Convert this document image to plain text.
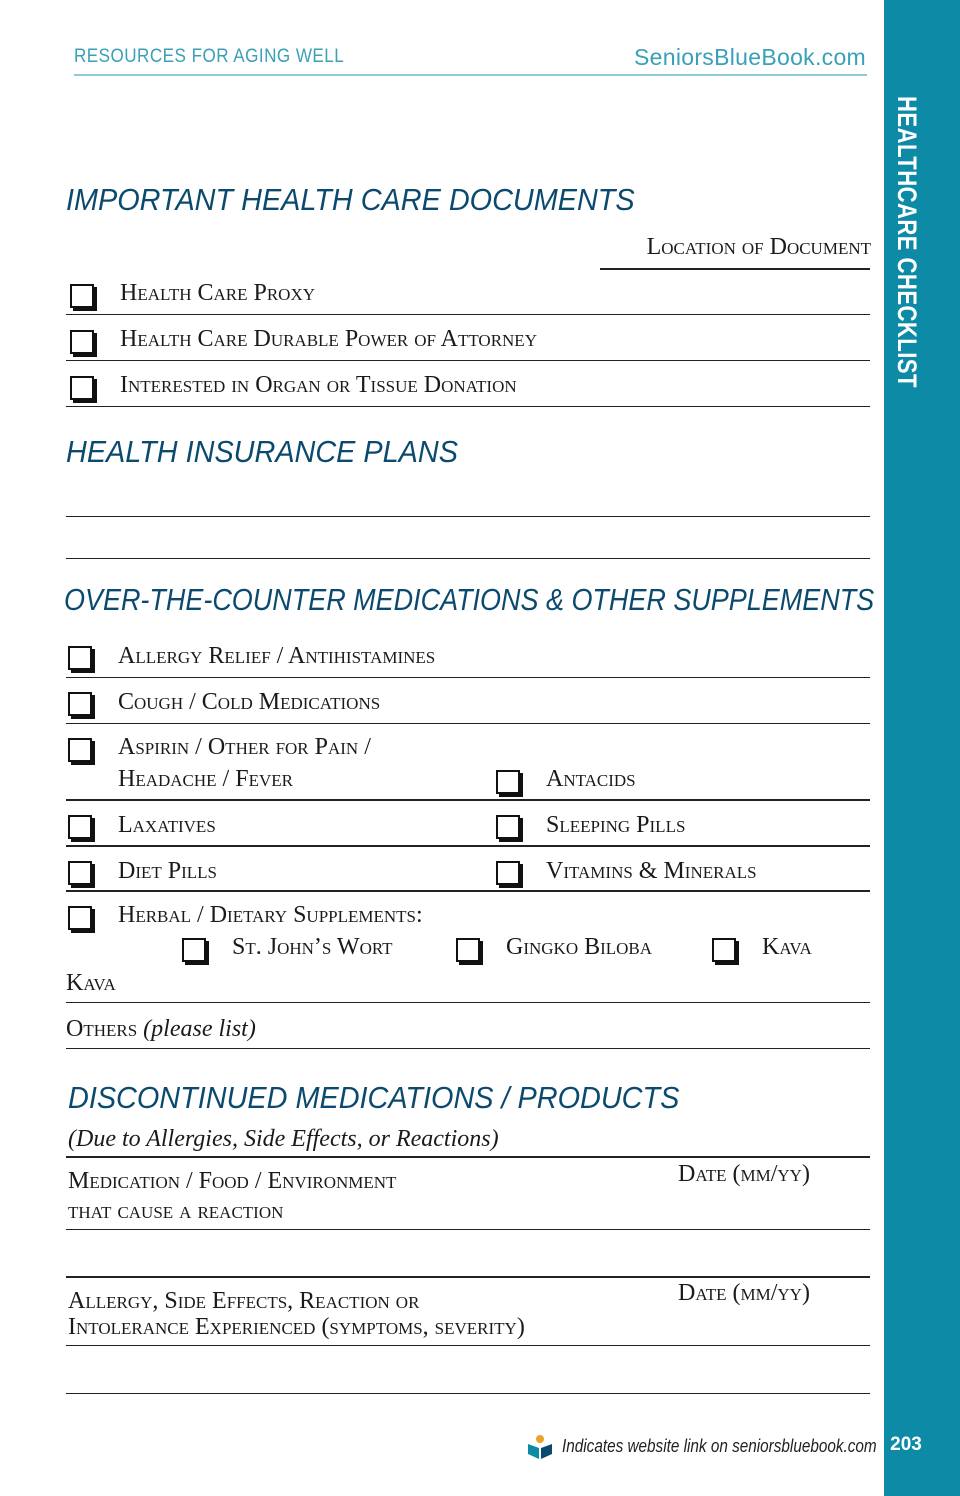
RESOURCES FOR AGING WELL	SeniorsBlueBook.com
HEALTHCARE CHECKLIST
203
IMPORTANT HEALTH CARE DOCUMENTS
Location of Document
Health Care Proxy
Health Care Durable Power of Attorney
Interested in Organ or Tissue Donation
HEALTH INSURANCE PLANS
OVER-THE-COUNTER MEDICATIONS & OTHER SUPPLEMENTS
Allergy Relief / Antihistamines
Cough / Cold Medications
Aspirin / Other for Pain /
Headache / Fever	Antacids
Laxatives	Sleeping Pills
Diet Pills	Vitamins & Minerals
Herbal / Dietary Supplements:
St. John’s Wort	Gingko Biloba	Kava
Kava
Others (please list)
DISCONTINUED MEDICATIONS / PRODUCTS
(Due to Allergies, Side Effects, or Reactions)
Medication / Food / Environment
that cause a reaction
Date (mm/yy)
Allergy, Side Effects, Reaction or
Intolerance Experienced (symptoms, severity)
Date (mm/yy)
Indicates website link on seniorsbluebook.com
